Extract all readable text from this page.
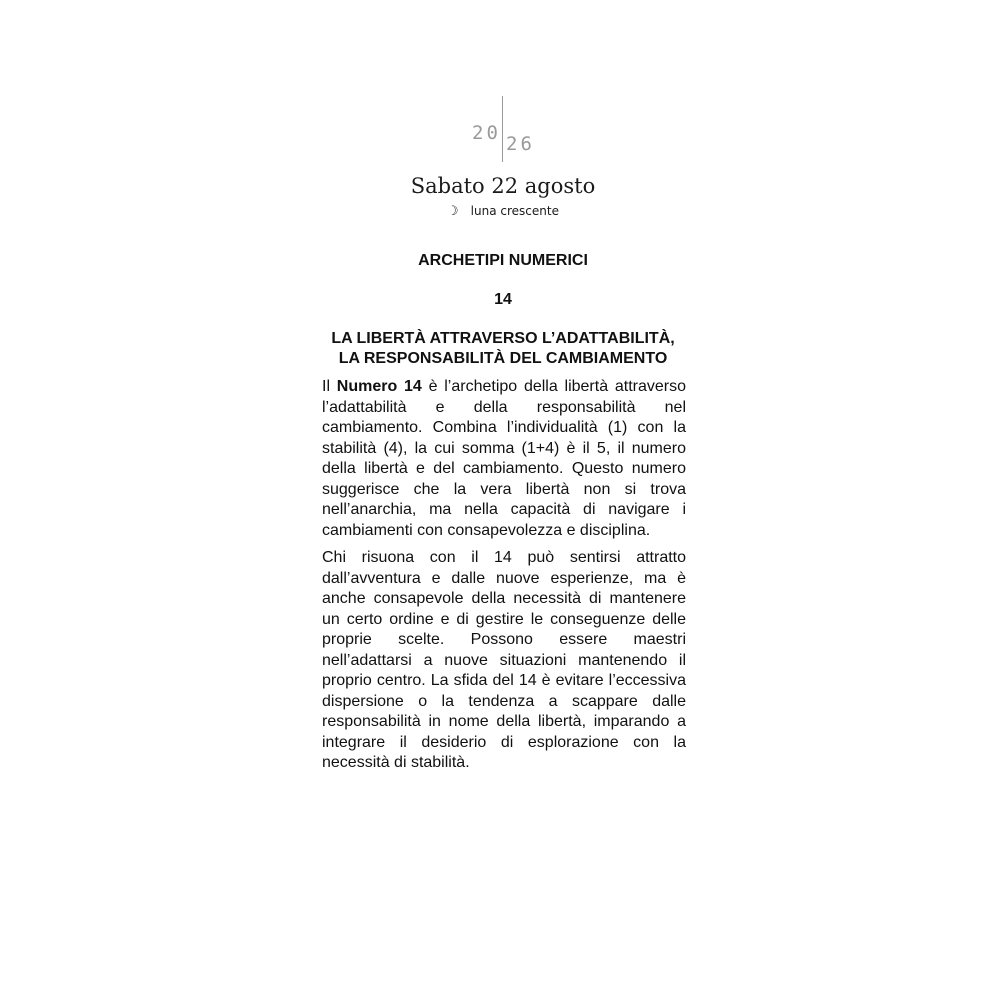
20 26
Sabato 22 agosto
☽ luna crescente
ARCHETIPI NUMERICI
14
LA LIBERTÀ ATTRAVERSO L’ADATTABILITÀ,
LA RESPONSABILITÀ DEL CAMBIAMENTO

Il Numero 14 è l’archetipo della libertà attraverso l’adattabilità e della responsabilità nel cambiamento. Combina l’individualità (1) con la stabilità (4), la cui somma (1+4) è il 5, il numero della libertà e del cambiamento. Questo numero suggerisce che la vera libertà non si trova nell’anarchia, ma nella capacità di navigare i cambiamenti con consapevolezza e disciplina.

Chi risuona con il 14 può sentirsi attratto dall’avventura e dalle nuove esperienze, ma è anche consapevole della necessità di mantenere un certo ordine e di gestire le conseguenze delle proprie scelte. Possono essere maestri nell’adattarsi a nuove situazioni mantenendo il proprio centro. La sfida del 14 è evitare l’eccessiva dispersione o la tendenza a scappare dalle responsabilità in nome della libertà, imparando a integrare il desiderio di esplorazione con la necessità di stabilità.
